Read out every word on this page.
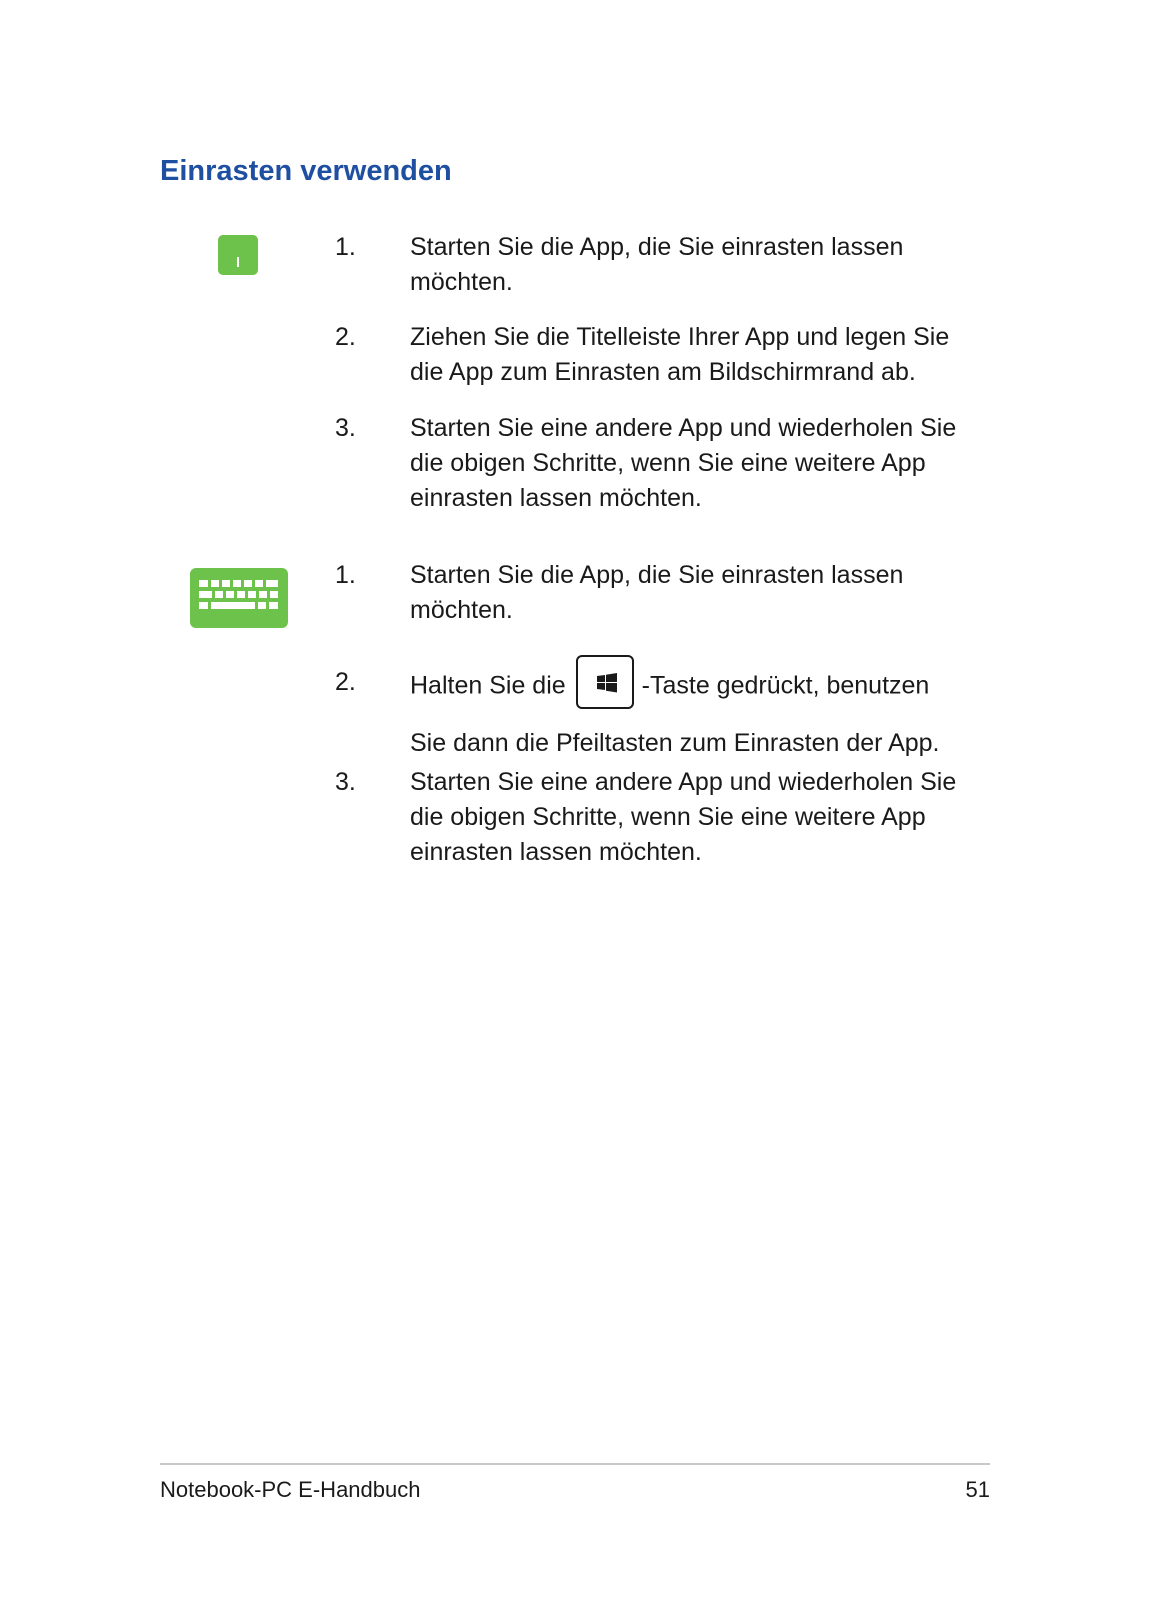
Einrasten verwenden
1. Starten Sie die App, die Sie einrasten lassen
möchten.
2. Ziehen Sie die Titelleiste Ihrer App und legen Sie
die App zum Einrasten am Bildschirmrand ab.
3. Starten Sie eine andere App und wiederholen Sie
die obigen Schritte, wenn Sie eine weitere App
einrasten lassen möchten.
1. Starten Sie die App, die Sie einrasten lassen
möchten.
2. Halten Sie die	-Taste gedrückt, benutzen
Sie dann die Pfeiltasten zum Einrasten der App.
3. Starten Sie eine andere App und wiederholen Sie
die obigen Schritte, wenn Sie eine weitere App
einrasten lassen möchten.
Notebook-PC E-Handbuch	51
